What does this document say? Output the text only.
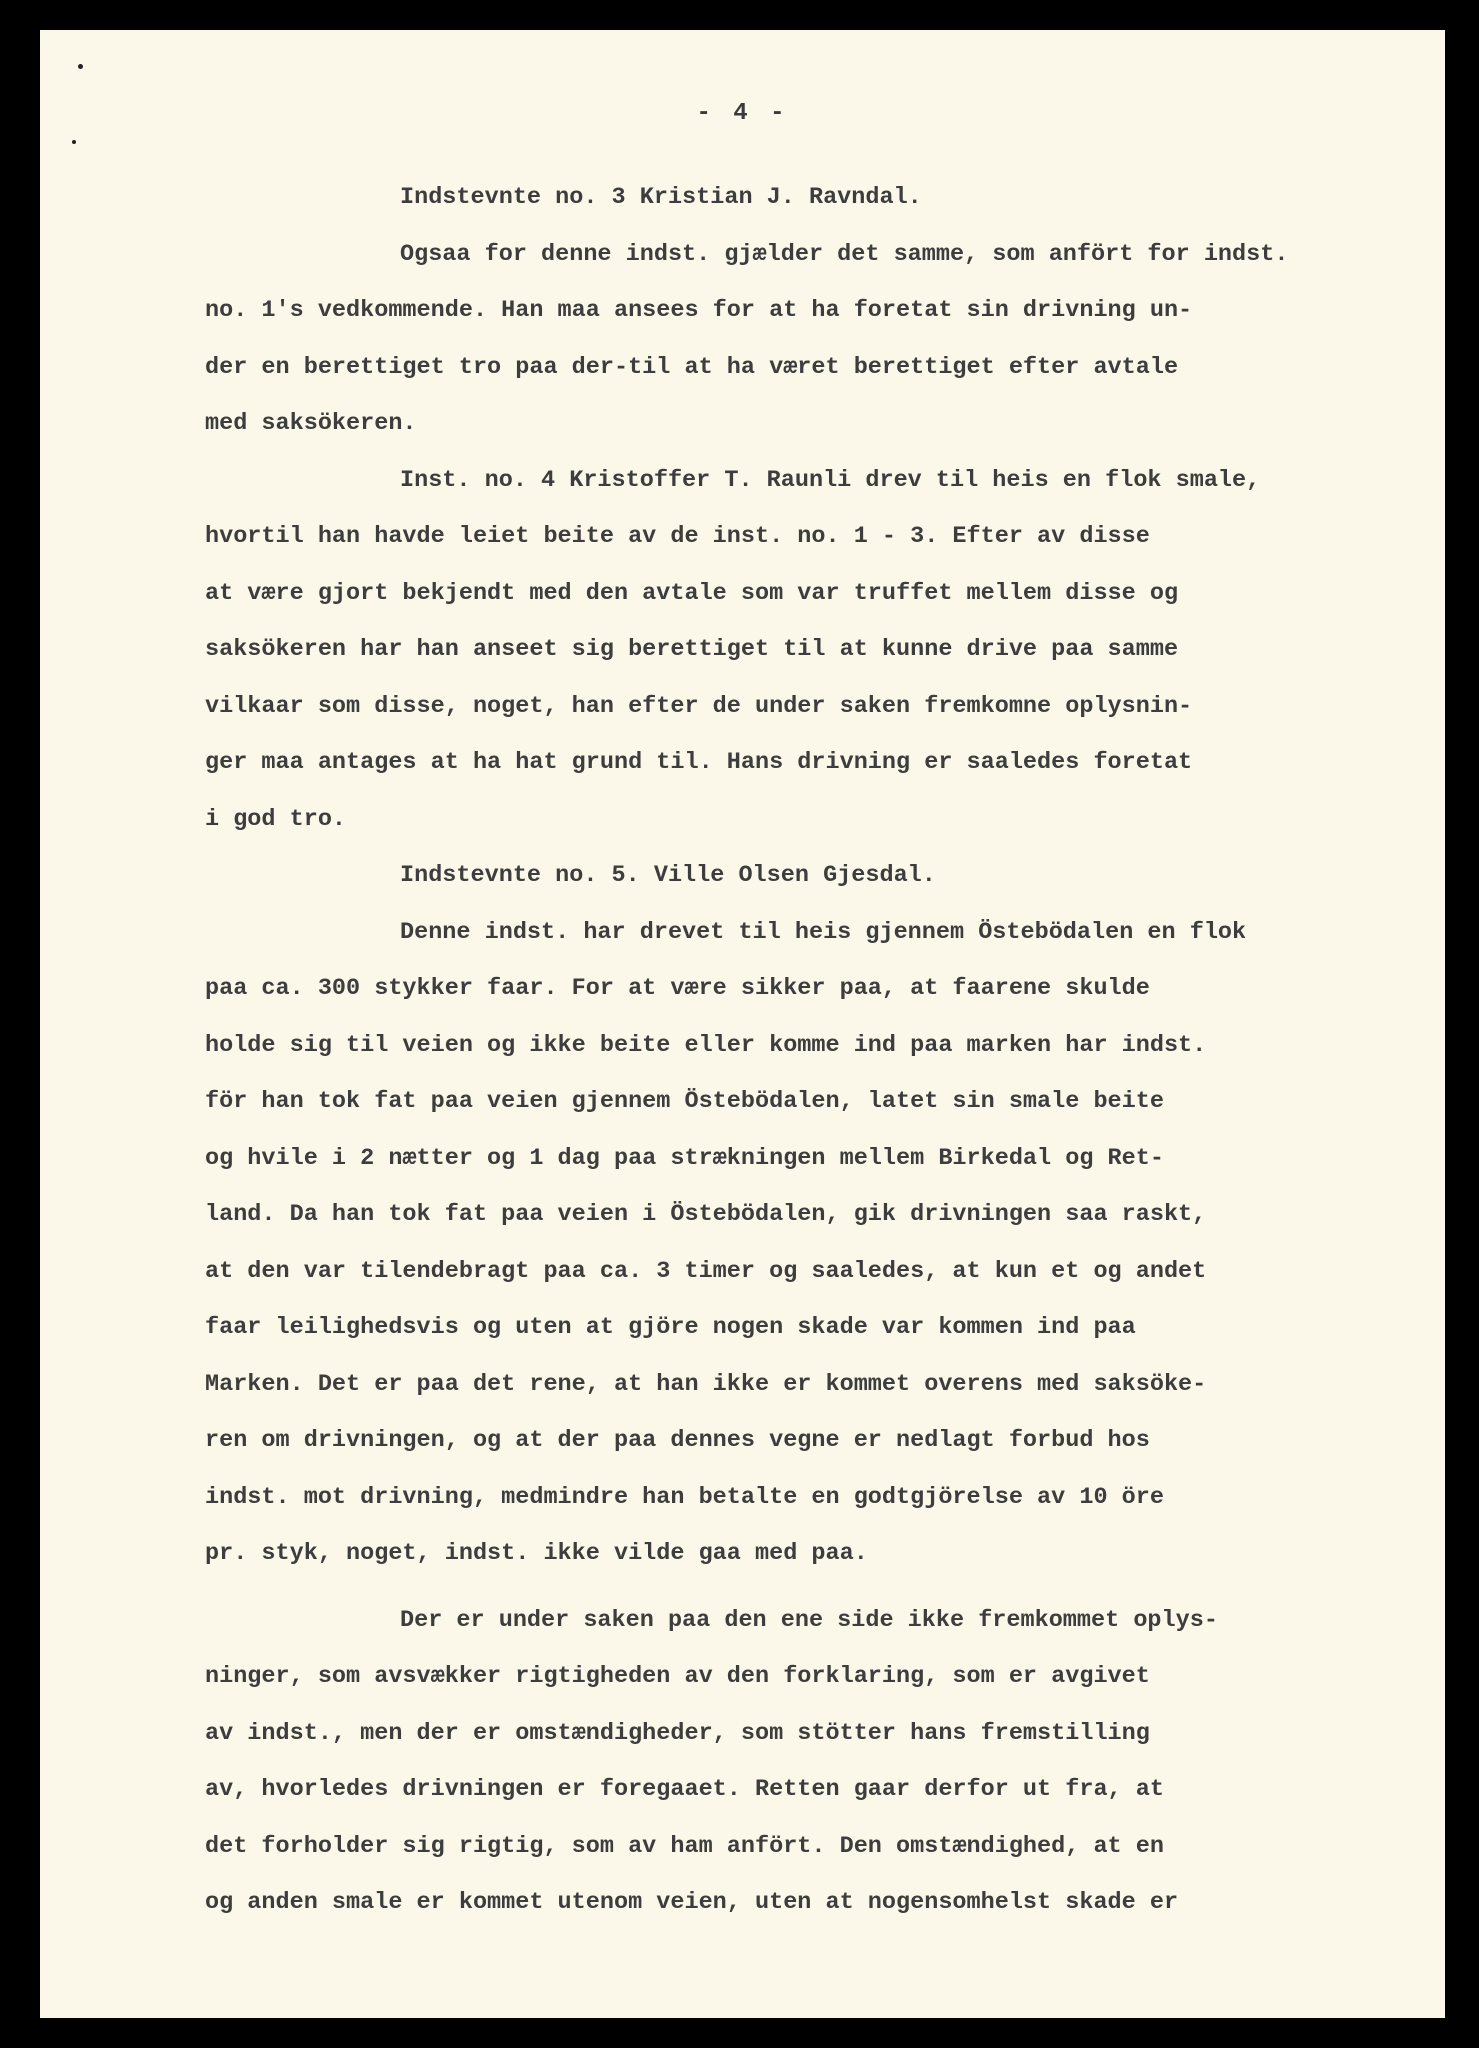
- 4 -
Indstevnte no. 3 Kristian J. Ravndal.
Ogsaa for denne indst. gjælder det samme, som anfört for indst.
no. 1's vedkommende. Han maa ansees for at ha foretat sin drivning un-
der en berettiget tro paa der-til at ha været berettiget efter avtale
med saksökeren.
Inst. no. 4 Kristoffer T. Raunli drev til heis en flok smale,
hvortil han havde leiet beite av de inst. no. 1 - 3. Efter av disse
at være gjort bekjendt med den avtale som var truffet mellem disse og
saksökeren har han anseet sig berettiget til at kunne drive paa samme
vilkaar som disse, noget, han efter de under saken fremkomne oplysnin-
ger maa antages at ha hat grund til. Hans drivning er saaledes foretat
i god tro.
Indstevnte no. 5. Ville Olsen Gjesdal.
Denne indst. har drevet til heis gjennem Östebödalen en flok
paa ca. 300 stykker faar. For at være sikker paa, at faarene skulde
holde sig til veien og ikke beite eller komme ind paa marken har indst.
för han tok fat paa veien gjennem Östebödalen, latet sin smale beite
og hvile i 2 nætter og 1 dag paa strækningen mellem Birkedal og Ret-
land. Da han tok fat paa veien i Östebödalen, gik drivningen saa raskt,
at den var tilendebragt paa ca. 3 timer og saaledes, at kun et og andet
faar leilighedsvis og uten at gjöre nogen skade var kommen ind paa
Marken. Det er paa det rene, at han ikke er kommet overens med saksöke-
ren om drivningen, og at der paa dennes vegne er nedlagt forbud hos
indst. mot drivning, medmindre han betalte en godtgjörelse av 10 öre
pr. styk, noget, indst. ikke vilde gaa med paa.
Der er under saken paa den ene side ikke fremkommet oplys-
ninger, som avsvækker rigtigheden av den forklaring, som er avgivet
av indst., men der er omstændigheder, som stötter hans fremstilling
av, hvorledes drivningen er foregaaet. Retten gaar derfor ut fra, at
det forholder sig rigtig, som av ham anfört. Den omstændighed, at en
og anden smale er kommet utenom veien, uten at nogensomhelst skade er
